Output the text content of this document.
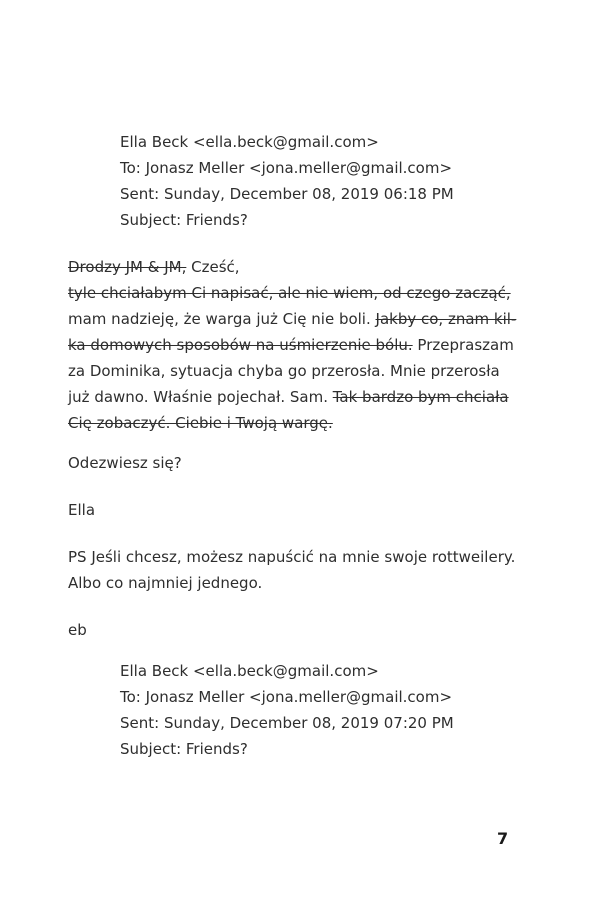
Ella Beck <ella.beck@gmail.com>
To: Jonasz Meller <jona.meller@gmail.com>
Sent: Sunday, December 08, 2019 06:18 PM
Subject: Friends?
Drodzy JM & JM, Cześć,
tyle chciałabym Ci napisać, ale nie wiem, od czego zacząć,
mam nadzieję, że warga już Cię nie boli. Jakby co, znam kil-
ka domowych sposobów na uśmierzenie bólu. Przepraszam
za Dominika, sytuacja chyba go przerosła. Mnie przerosła
już dawno. Właśnie pojechał. Sam. Tak bardzo bym chciała
Cię zobaczyć. Ciebie i Twoją wargę.
Odezwiesz się?
Ella
PS Jeśli chcesz, możesz napuścić na mnie swoje rottweilery.
Albo co najmniej jednego.
eb
Ella Beck <ella.beck@gmail.com>
To: Jonasz Meller <jona.meller@gmail.com>
Sent: Sunday, December 08, 2019 07:20 PM
Subject: Friends?
7
